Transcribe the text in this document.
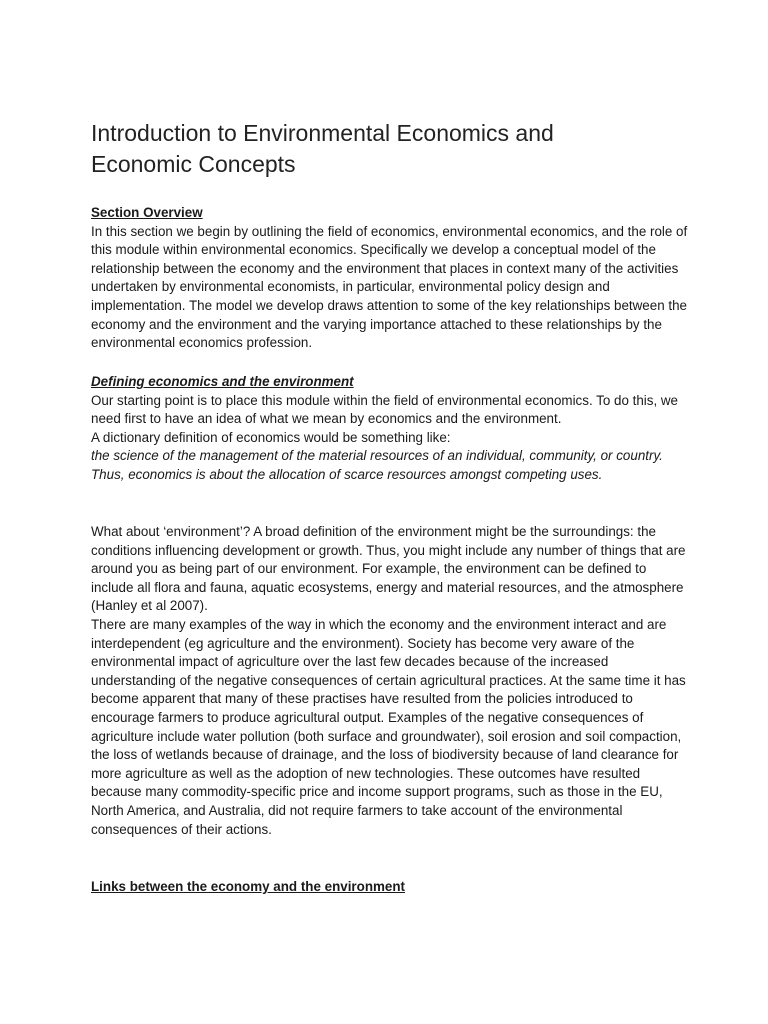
Introduction to Environmental Economics and
Economic Concepts

Section Overview

In this section we begin by outlining the field of economics, environmental economics, and the role of this module within environmental economics. Specifically we develop a conceptual model of the relationship between the economy and the environment that places in context many of the activities undertaken by environmental economists, in particular, environmental policy design and implementation. The model we develop draws attention to some of the key relationships between the economy and the environment and the varying importance attached to these relationships by the environmental economics profession.

Defining economics and the environment

Our starting point is to place this module within the field of environmental economics. To do this, we need first to have an idea of what we mean by economics and the environment.

A dictionary definition of economics would be something like:

the science of the management of the material resources of an individual, community, or country.

Thus, economics is about the allocation of scarce resources amongst competing uses.

What about ‘environment’? A broad definition of the environment might be the surroundings: the conditions influencing development or growth. Thus, you might include any number of things that are around you as being part of our environment. For example, the environment can be defined to include all flora and fauna, aquatic ecosystems, energy and material resources, and the atmosphere (Hanley et al 2007).

There are many examples of the way in which the economy and the environment interact and are interdependent (eg agriculture and the environment). Society has become very aware of the environmental impact of agriculture over the last few decades because of the increased understanding of the negative consequences of certain agricultural practices. At the same time it has become apparent that many of these practises have resulted from the policies introduced to encourage farmers to produce agricultural output. Examples of the negative consequences of agriculture include water pollution (both surface and groundwater), soil erosion and soil compaction, the loss of wetlands because of drainage, and the loss of biodiversity because of land clearance for more agriculture as well as the adoption of new technologies. These outcomes have resulted because many commodity-specific price and income support programs, such as those in the EU, North America, and Australia, did not require farmers to take account of the environmental consequences of their actions.

Links between the economy and the environment
